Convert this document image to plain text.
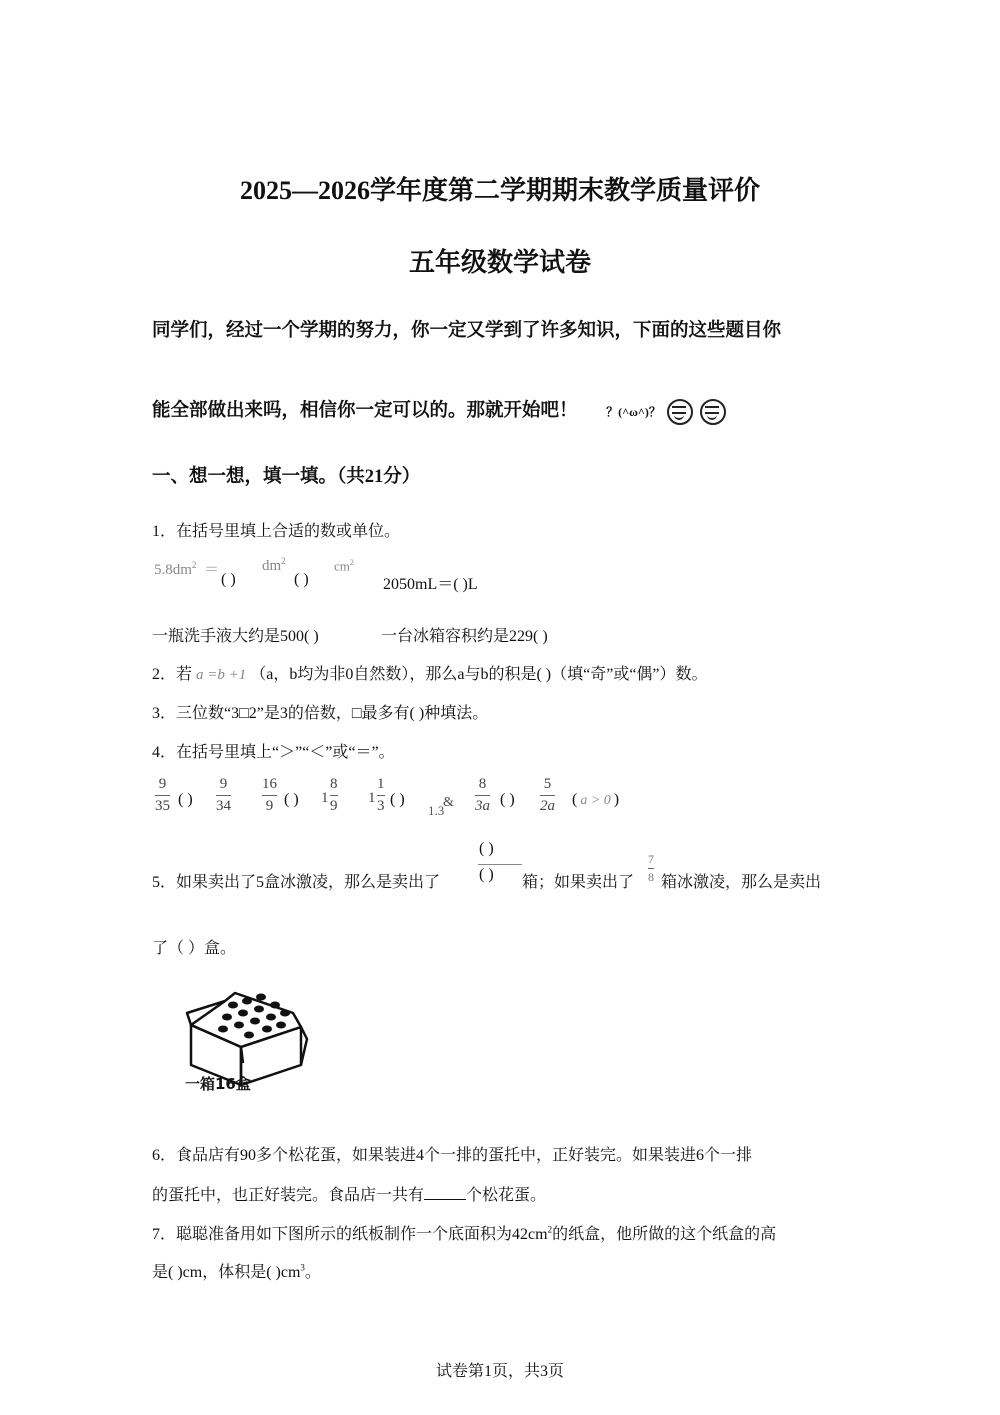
2025—2026学年度第二学期期末教学质量评价
五年级数学试卷
同学们，经过一个学期的努力，你一定又学到了许多知识，下面的这些题目你
能全部做出来吗，相信你一定可以的。那就开始吧！ ？(^ω^)？
一、想一想，填一填。（共21分）
1．在括号里填上合适的数或单位。
$5.8dm^2$ ＝
( )
$dm^2$
( )
$cm^2$
2050mL＝( )L
一瓶洗手液大约是500( )	一台冰箱容积约是229( )
2．若 a =b +1 （a，b均为非0自然数），那么a与b的积是( )（填“奇”或“偶”）数。
3．三位数“3□2”是3的倍数，□最多有( )种填法。
4．在括号里填上“＞”“＜”或“＝”。
9
35 ( )
9
34
16
9 ( ) 1
8
9 1
1
3 ( )
1.3
&
8
3a ( )
5
2a ( a > 0 )
( )
5．如果卖出了5盒冰激凌，那么是卖出了 ( ) 箱；如果卖出了
7
8 箱冰激凌，那么是卖出
了（ ）盒。
一箱16盒
6．食品店有90多个松花蛋，如果装进4个一排的蛋托中，正好装完。如果装进6个一排
的蛋托中，也正好装完。食品店一共有	个松花蛋。
7．聪聪准备用如下图所示的纸板制作一个底面积为$42cm^2$的纸盒，他所做的这个纸盒的高
是( )cm，体积是( )$cm^3$。
试卷第1页，共3页
